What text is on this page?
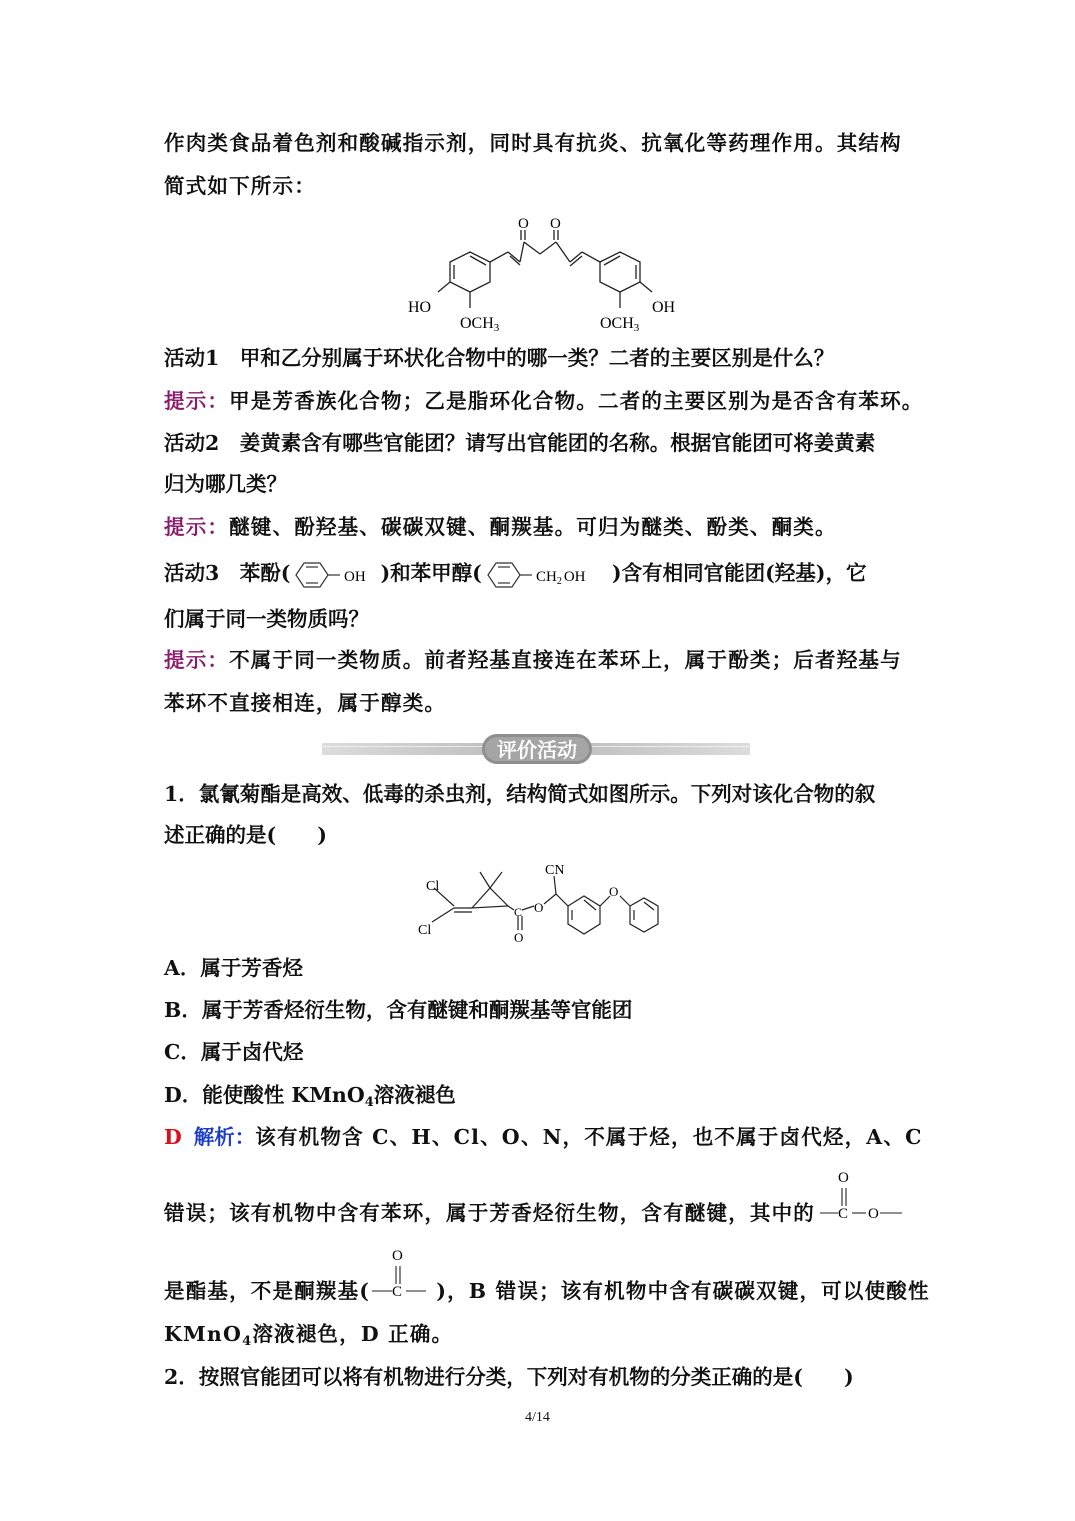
作肉类食品着色剂和酸碱指示剂，同时具有抗炎、抗氧化等药理作用。其结构
简式如下所示：
O O
HO	OH
OCH3	OCH3
活动1　 甲和乙分别属于环状化合物中的哪一类？二者的主要区别是什么？
提示：甲是芳香族化合物；乙是脂环化合物。二者的主要区别为是否含有苯环。
活动2　 姜黄素含有哪些官能团？请写出官能团的名称。根据官能团可将姜黄素
归为哪几类？
提示：醚键、酚羟基、碳碳双键、酮羰基。可归为醚类、酚类、酮类。
活动3　 苯酚(	OH )和苯甲醇(	$CH_2$ OH )含有相同官能团(羟基)，它
们属于同一类物质吗？
提示：不属于同一类物质。前者羟基直接连在苯环上，属于酚类；后者羟基与
苯环不直接相连，属于醇类。
评价活动
1．氯氰菊酯是高效、低毒的杀虫剂，结构简式如图所示。下列对该化合物的叙
述正确的是(　　)
Cl
Cl
CN
C O
O
O
A．属于芳香烃
B．属于芳香烃衍生物，含有醚键和酮羰基等官能团
C．属于卤代烃
D．能使酸性 KMnO$_4$溶液褪色
D 解析：该有机物含 C、H、Cl、O、N，不属于烃，也不属于卤代烃，A、C
错误；该有机物中含有苯环，属于芳香烃衍生物，含有醚键，其中的
O
C O
是酯基，不是酮羰基(	)，B 错误；该有机物中含有碳碳双键，可以使酸性
O
C
KMnO$_4$溶液褪色，D 正确。
2．按照官能团可以将有机物进行分类，下列对有机物的分类正确的是(　　)
4/14
